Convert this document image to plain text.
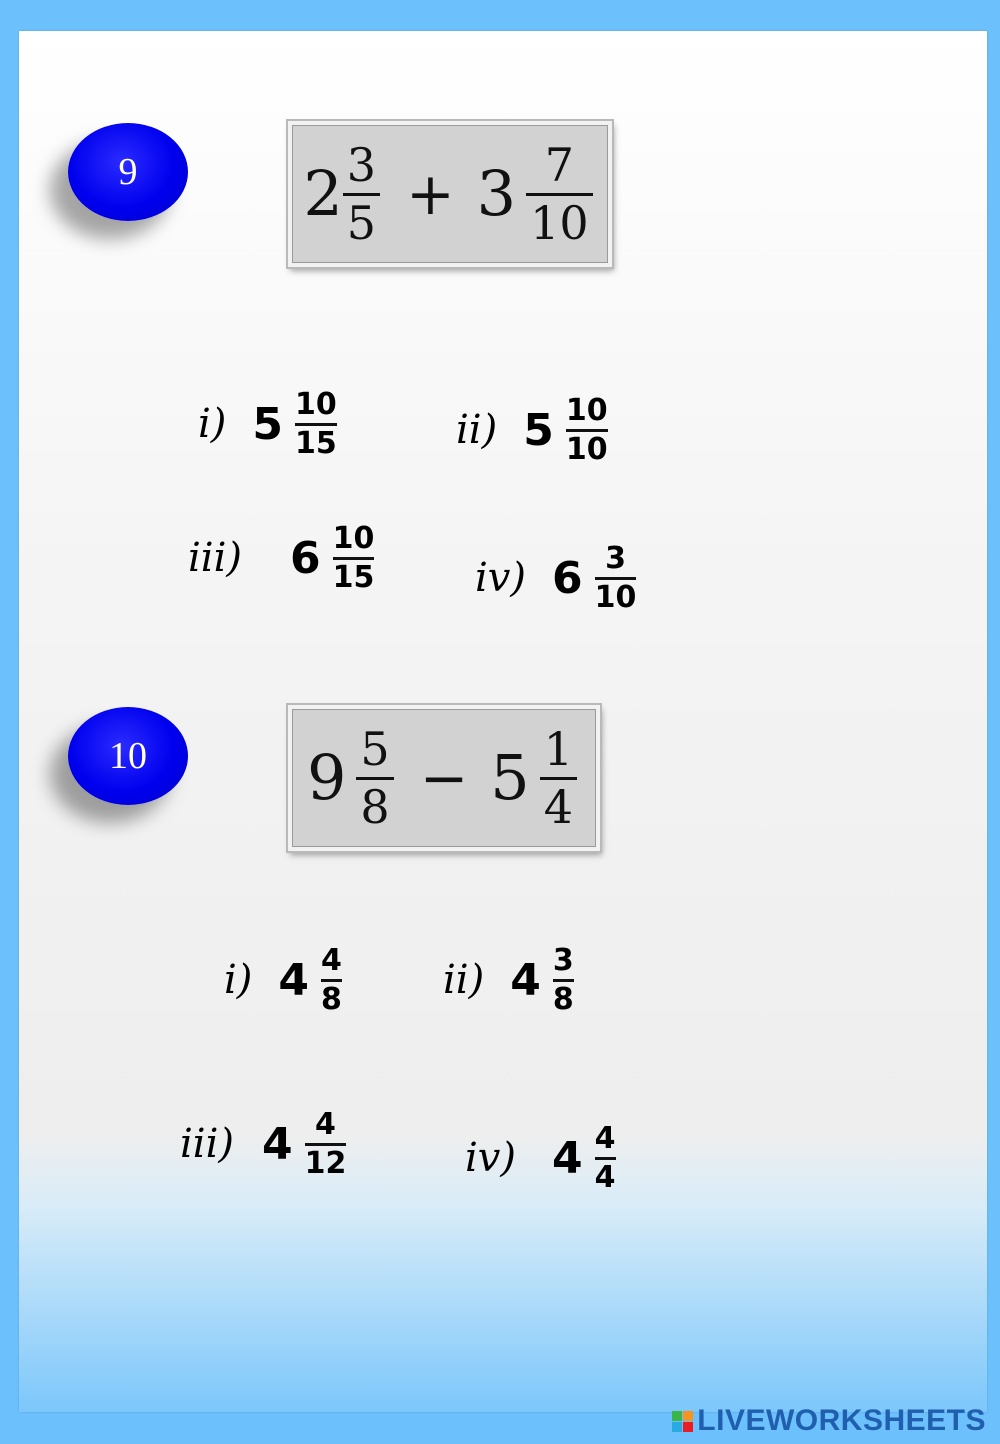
9	$2 \frac{3}{5} + 3 \frac{7}{10}$
i) $5 \frac{10}{15}$	ii) $5 \frac{10}{10}$
iii) $6 \frac{10}{15}$	iv) $6 \frac{3}{10}$
10	$9 \frac{5}{8} - 5 \frac{1}{4}$
i) $4 \frac{4}{8}$	ii) $4 \frac{3}{8}$
iii) $4 \frac{4}{12}$	iv) $4 \frac{4}{4}$
LIVEWORKSHEETS
